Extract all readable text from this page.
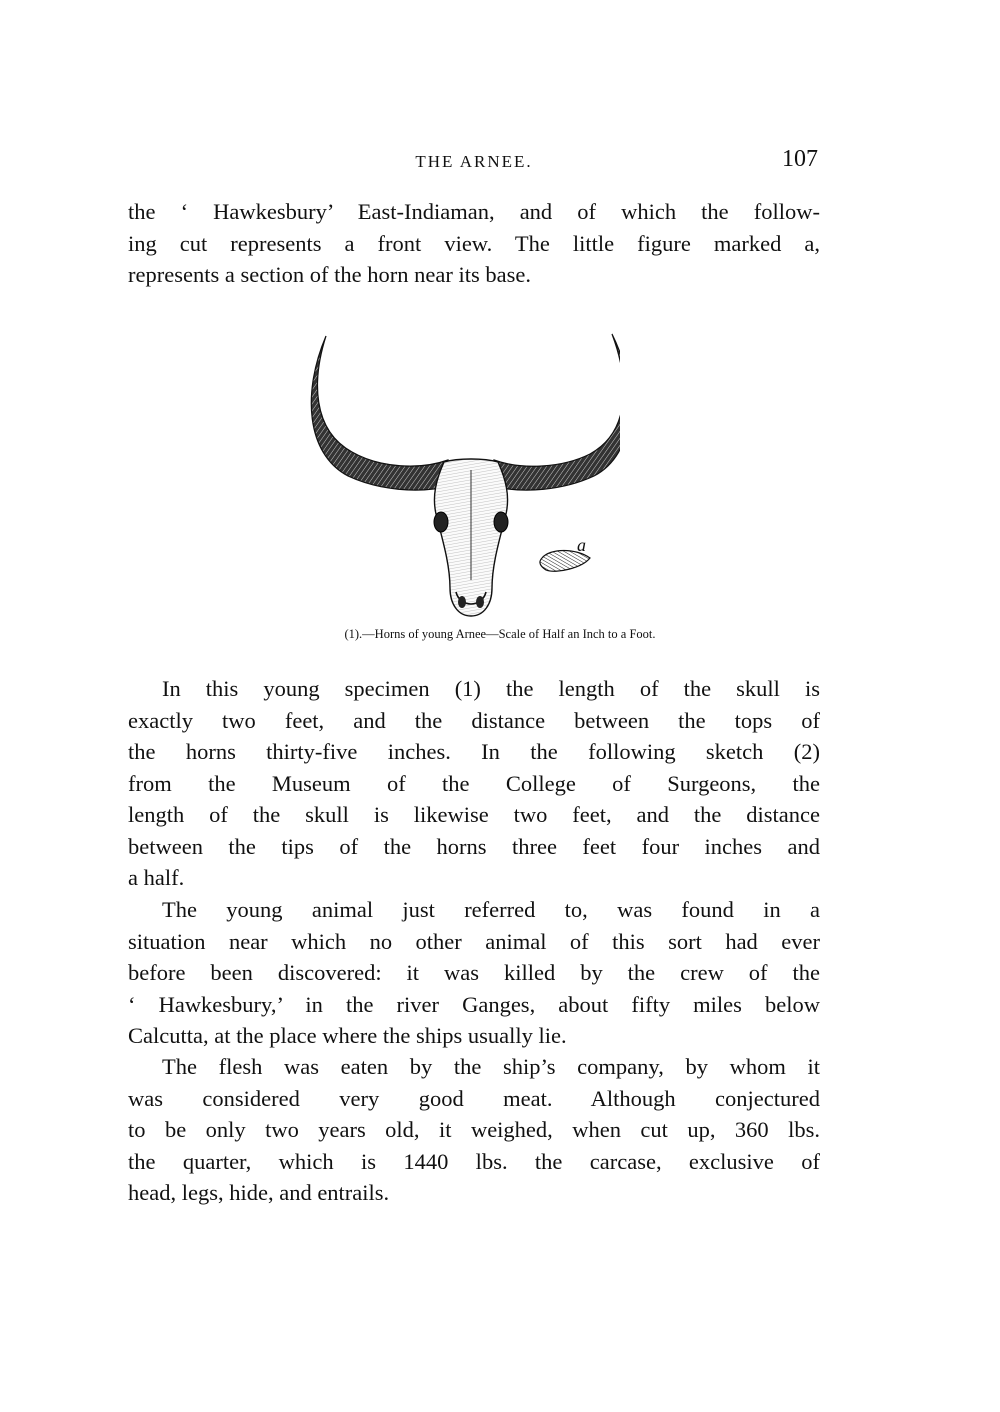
THE ARNEE.	107
the ‘ Hawkesbury’ East-Indiaman, and of which the follow-
ing cut represents a front view. The little figure marked a,
represents a section of the horn near its base.
a
(1).—Horns of young Arnee—Scale of Half an Inch to a Foot.
In this young specimen (1) the length of the skull is
exactly two feet, and the distance between the tops of
the horns thirty-five inches. In the following sketch (2)
from the Museum of the College of Surgeons, the
length of the skull is likewise two feet, and the distance
between the tips of the horns three feet four inches and
a half.
The young animal just referred to, was found in a
situation near which no other animal of this sort had ever
before been discovered: it was killed by the crew of the
‘ Hawkesbury,’ in the river Ganges, about fifty miles below
Calcutta, at the place where the ships usually lie.
The flesh was eaten by the ship’s company, by whom it
was considered very good meat. Although conjectured
to be only two years old, it weighed, when cut up, 360 lbs.
the quarter, which is 1440 lbs. the carcase, exclusive of
head, legs, hide, and entrails.
